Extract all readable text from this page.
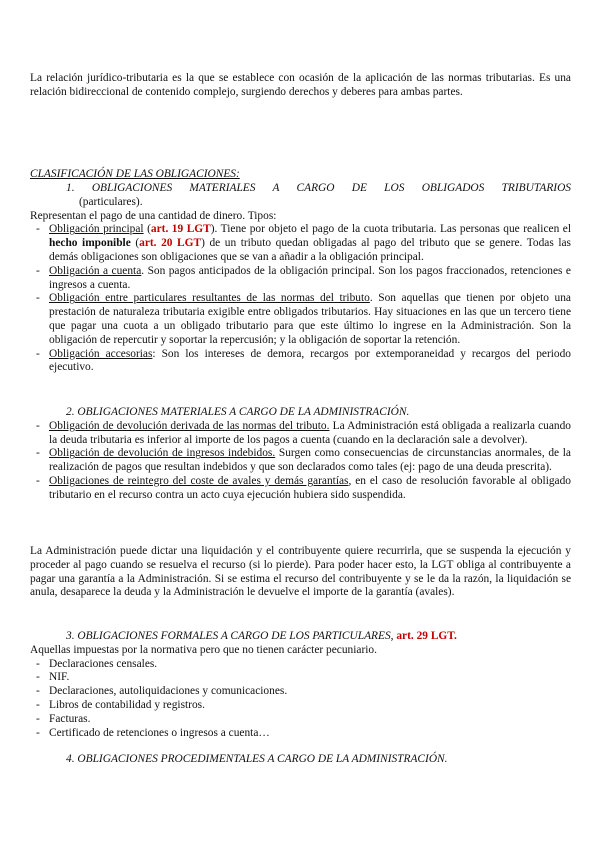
La relación jurídico-tributaria es la que se establece con ocasión de la aplicación de las normas tributarias. Es una relación bidireccional de contenido complejo, surgiendo derechos y deberes para ambas partes.

CLASIFICACIÓN DE LAS OBLIGACIONES:
1. OBLIGACIONES MATERIALES A CARGO DE LOS OBLIGADOS TRIBUTARIOS
(particulares).
Representan el pago de una cantidad de dinero. Tipos:
- Obligación principal (art. 19 LGT). Tiene por objeto el pago de la cuota tributaria. Las personas que realicen el hecho imponible (art. 20 LGT) de un tributo quedan obligadas al pago del tributo que se genere. Todas las demás obligaciones son obligaciones que se van a añadir a la obligación principal.
- Obligación a cuenta. Son pagos anticipados de la obligación principal. Son los pagos fraccionados, retenciones e ingresos a cuenta.
- Obligación entre particulares resultantes de las normas del tributo. Son aquellas que tienen por objeto una prestación de naturaleza tributaria exigible entre obligados tributarios. Hay situaciones en las que un tercero tiene que pagar una cuota a un obligado tributario para que este último lo ingrese en la Administración. Son la obligación de repercutir y soportar la repercusión; y la obligación de soportar la retención.
- Obligación accesorias: Son los intereses de demora, recargos por extemporaneidad y recargos del periodo ejecutivo.
2. OBLIGACIONES MATERIALES A CARGO DE LA ADMINISTRACIÓN.
- Obligación de devolución derivada de las normas del tributo. La Administración está obligada a realizarla cuando la deuda tributaria es inferior al importe de los pagos a cuenta (cuando en la declaración sale a devolver).
- Obligación de devolución de ingresos indebidos. Surgen como consecuencias de circunstancias anormales, de la realización de pagos que resultan indebidos y que son declarados como tales (ej: pago de una deuda prescrita).
- Obligaciones de reintegro del coste de avales y demás garantías, en el caso de resolución favorable al obligado tributario en el recurso contra un acto cuya ejecución hubiera sido suspendida.

La Administración puede dictar una liquidación y el contribuyente quiere recurrirla, que se suspenda la ejecución y proceder al pago cuando se resuelva el recurso (si lo pierde). Para poder hacer esto, la LGT obliga al contribuyente a pagar una garantía a la Administración. Si se estima el recurso del contribuyente y se le da la razón, la liquidación se anula, desaparece la deuda y la Administración le devuelve el importe de la garantía (avales).

3. OBLIGACIONES FORMALES A CARGO DE LOS PARTICULARES, art. 29 LGT.
Aquellas impuestas por la normativa pero que no tienen carácter pecuniario.
- Declaraciones censales.
- NIF.
- Declaraciones, autoliquidaciones y comunicaciones.
- Libros de contabilidad y registros.
- Facturas.
- Certificado de retenciones o ingresos a cuenta…
4. OBLIGACIONES PROCEDIMENTALES A CARGO DE LA ADMINISTRACIÓN.
